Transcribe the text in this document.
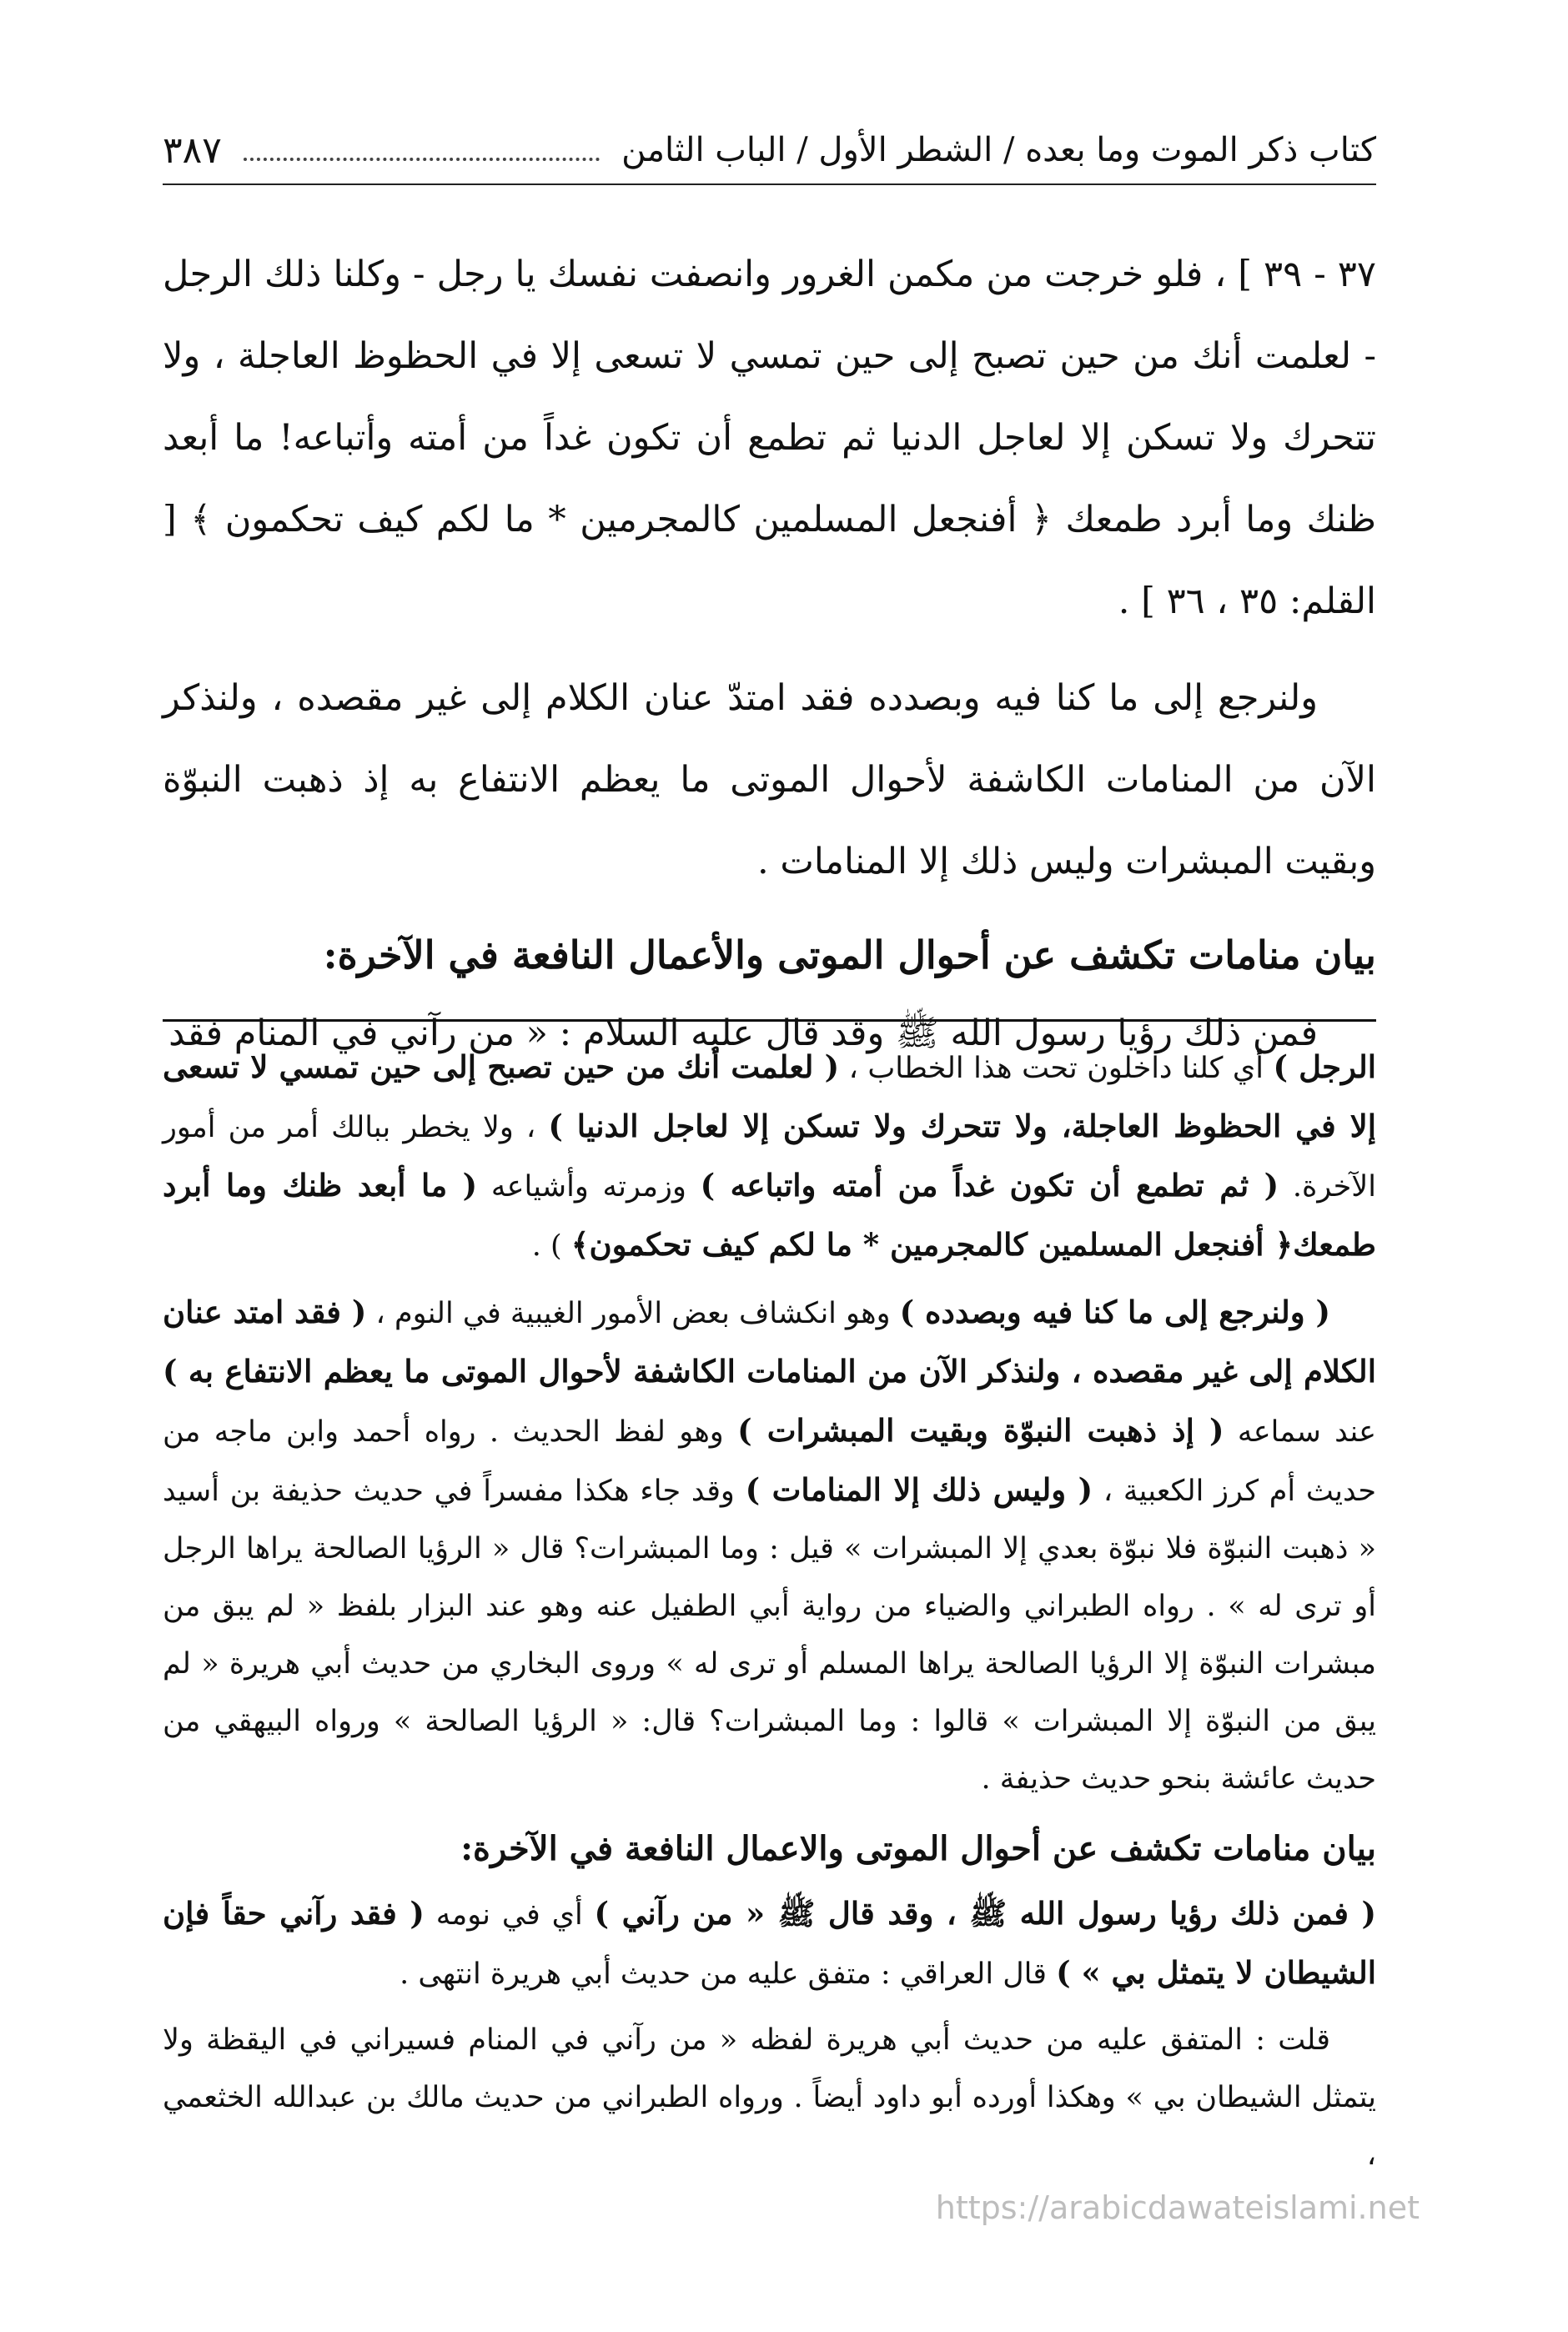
كتاب ذكر الموت وما بعده / الشطر الأول / الباب الثامن
٣٨٧

٣٧ - ٣٩ ] ، فلو خرجت من مكمن الغرور وانصفت نفسك يا رجل - وكلنا ذلك الرجل - لعلمت أنك من حين تصبح إلى حين تمسي لا تسعى إلا في الحظوظ العاجلة ، ولا تتحرك ولا تسكن إلا لعاجل الدنيا ثم تطمع أن تكون غداً من أمته وأتباعه! ما أبعد ظنك وما أبرد طمعك ﴿ أفنجعل المسلمين كالمجرمين * ما لكم كيف تحكمون ﴾ [ القلم: ٣٥ ، ٣٦ ] .

ولنرجع إلى ما كنا فيه وبصدده فقد امتدّ عنان الكلام إلى غير مقصده ، ولنذكر الآن من المنامات الكاشفة لأحوال الموتى ما يعظم الانتفاع به إذ ذهبت النبوّة وبقيت المبشرات وليس ذلك إلا المنامات .

بيان منامات تكشف عن أحوال الموتى والأعمال النافعة في الآخرة:

فمن ذلك رؤيا رسول الله ﷺ وقد قال عليه السلام : « من رآني في المنام فقد

الرجل ) أي كلنا داخلون تحت هذا الخطاب ، ( لعلمت أنك من حين تصبح إلى حين تمسي لا تسعى إلا في الحظوظ العاجلة، ولا تتحرك ولا تسكن إلا لعاجل الدنيا ) ، ولا يخطر ببالك أمر من أمور الآخرة. ( ثم تطمع أن تكون غداً من أمته واتباعه ) وزمرته وأشياعه ( ما أبعد ظنك وما أبرد طمعك﴿ أفنجعل المسلمين كالمجرمين * ما لكم كيف تحكمون﴾ ) .

( ولنرجع إلى ما كنا فيه وبصدده ) وهو انكشاف بعض الأمور الغيبية في النوم ، ( فقد امتد عنان الكلام إلى غير مقصده ، ولنذكر الآن من المنامات الكاشفة لأحوال الموتى ما يعظم الانتفاع به ) عند سماعه ( إذ ذهبت النبوّة وبقيت المبشرات ) وهو لفظ الحديث . رواه أحمد وابن ماجه من حديث أم كرز الكعبية ، ( وليس ذلك إلا المنامات ) وقد جاء هكذا مفسراً في حديث حذيفة بن أسيد « ذهبت النبوّة فلا نبوّة بعدي إلا المبشرات » قيل : وما المبشرات؟ قال « الرؤيا الصالحة يراها الرجل أو ترى له » . رواه الطبراني والضياء من رواية أبي الطفيل عنه وهو عند البزار بلفظ « لم يبق من مبشرات النبوّة إلا الرؤيا الصالحة يراها المسلم أو ترى له » وروى البخاري من حديث أبي هريرة « لم يبق من النبوّة إلا المبشرات » قالوا : وما المبشرات؟ قال: « الرؤيا الصالحة » ورواه البيهقي من حديث عائشة بنحو حديث حذيفة .

بيان منامات تكشف عن أحوال الموتى والاعمال النافعة في الآخرة:

( فمن ذلك رؤيا رسول الله ﷺ ، وقد قال ﷺ « من رآني ) أي في نومه ( فقد رآني حقاً فإن الشيطان لا يتمثل بي » ) قال العراقي : متفق عليه من حديث أبي هريرة انتهى .

قلت : المتفق عليه من حديث أبي هريرة لفظه « من رآني في المنام فسيراني في اليقظة ولا يتمثل الشيطان بي » وهكذا أورده أبو داود أيضاً . ورواه الطبراني من حديث مالك بن عبدالله الخثعمي ،

https://arabicdawateislami.net
